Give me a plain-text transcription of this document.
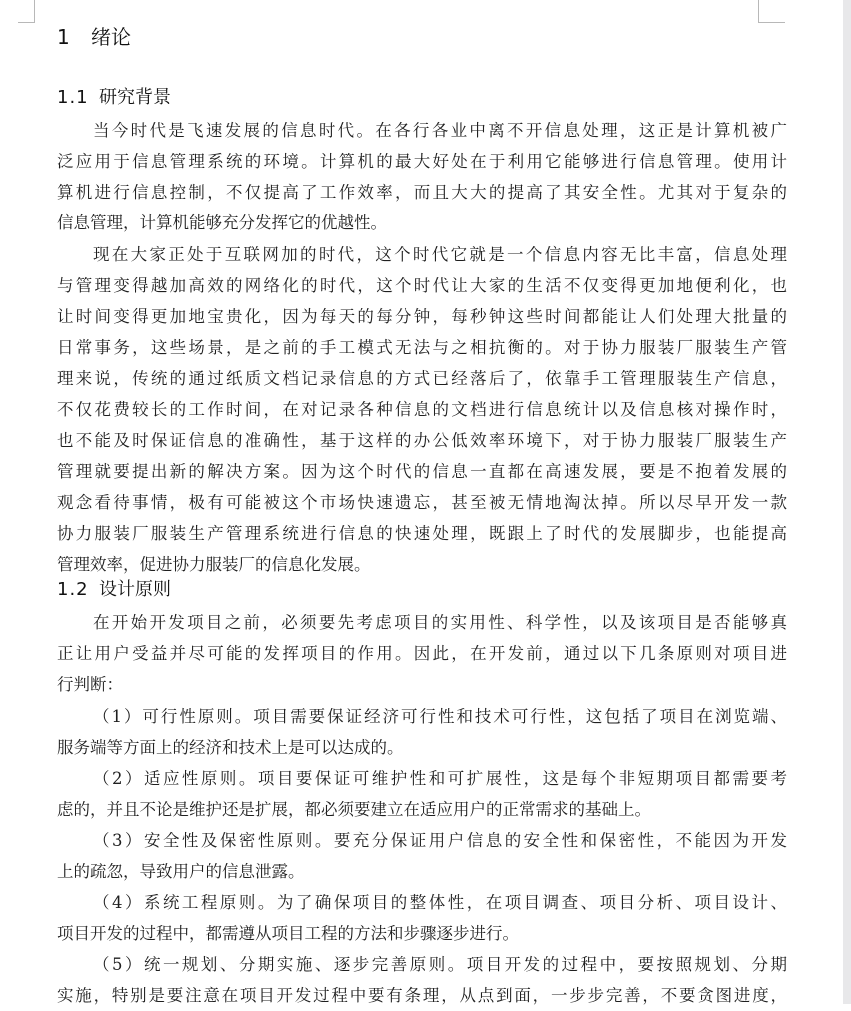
1 绪论
1.1 研究背景
当今时代是飞速发展的信息时代。在各行各业中离不开信息处理，这正是计算机被广
泛应用于信息管理系统的环境。计算机的最大好处在于利用它能够进行信息管理。使用计
算机进行信息控制，不仅提高了工作效率，而且大大的提高了其安全性。尤其对于复杂的
信息管理，计算机能够充分发挥它的优越性。
现在大家正处于互联网加的时代，这个时代它就是一个信息内容无比丰富，信息处理
与管理变得越加高效的网络化的时代，这个时代让大家的生活不仅变得更加地便利化，也
让时间变得更加地宝贵化，因为每天的每分钟，每秒钟这些时间都能让人们处理大批量的
日常事务，这些场景，是之前的手工模式无法与之相抗衡的。对于协力服装厂服装生产管
理来说，传统的通过纸质文档记录信息的方式已经落后了，依靠手工管理服装生产信息，
不仅花费较长的工作时间，在对记录各种信息的文档进行信息统计以及信息核对操作时，
也不能及时保证信息的准确性，基于这样的办公低效率环境下，对于协力服装厂服装生产
管理就要提出新的解决方案。因为这个时代的信息一直都在高速发展，要是不抱着发展的
观念看待事情，极有可能被这个市场快速遗忘，甚至被无情地淘汰掉。所以尽早开发一款
协力服装厂服装生产管理系统进行信息的快速处理，既跟上了时代的发展脚步，也能提高
管理效率，促进协力服装厂的信息化发展。
1.2 设计原则
在开始开发项目之前，必须要先考虑项目的实用性、科学性，以及该项目是否能够真
正让用户受益并尽可能的发挥项目的作用。因此，在开发前，通过以下几条原则对项目进
行判断：
（1）可行性原则。项目需要保证经济可行性和技术可行性，这包括了项目在浏览端、
服务端等方面上的经济和技术上是可以达成的。
（2）适应性原则。项目要保证可维护性和可扩展性，这是每个非短期项目都需要考
虑的，并且不论是维护还是扩展，都必须要建立在适应用户的正常需求的基础上。
（3）安全性及保密性原则。要充分保证用户信息的安全性和保密性，不能因为开发
上的疏忽，导致用户的信息泄露。
（4）系统工程原则。为了确保项目的整体性，在项目调查、项目分析、项目设计、
项目开发的过程中，都需遵从项目工程的方法和步骤逐步进行。
（5）统一规划、分期实施、逐步完善原则。项目开发的过程中，要按照规划、分期
实施，特别是要注意在项目开发过程中要有条理，从点到面，一步步完善，不要贪图进度，
